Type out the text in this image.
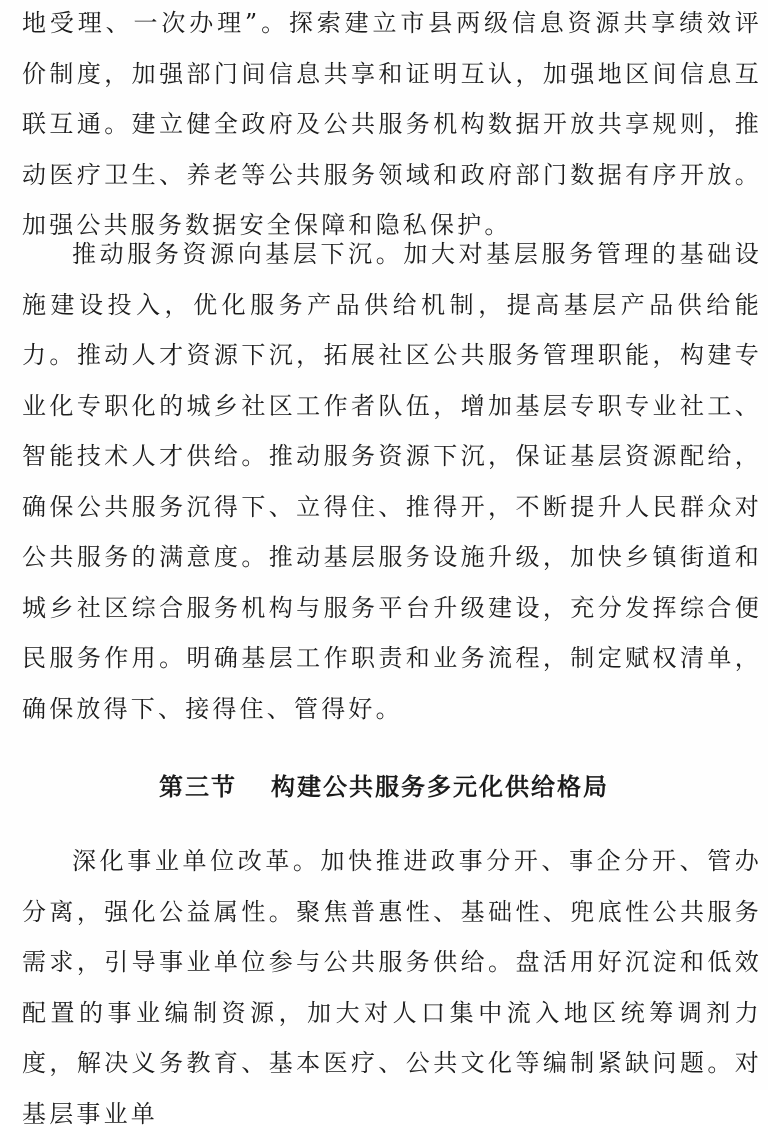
地受理、一次办理”。探索建立市县两级信息资源共享绩效评价制度，加强部门间信息共享和证明互认，加强地区间信息互联互通。建立健全政府及公共服务机构数据开放共享规则，推动医疗卫生、养老等公共服务领域和政府部门数据有序开放。加强公共服务数据安全保障和隐私保护。

推动服务资源向基层下沉。加大对基层服务管理的基础设施建设投入，优化服务产品供给机制，提高基层产品供给能力。推动人才资源下沉，拓展社区公共服务管理职能，构建专业化专职化的城乡社区工作者队伍，增加基层专职专业社工、智能技术人才供给。推动服务资源下沉，保证基层资源配给，确保公共服务沉得下、立得住、推得开，不断提升人民群众对公共服务的满意度。推动基层服务设施升级，加快乡镇街道和城乡社区综合服务机构与服务平台升级建设，充分发挥综合便民服务作用。明确基层工作职责和业务流程，制定赋权清单，确保放得下、接得住、管得好。

第三节 构建公共服务多元化供给格局

深化事业单位改革。加快推进政事分开、事企分开、管办分离，强化公益属性。聚焦普惠性、基础性、兜底性公共服务需求，引导事业单位参与公共服务供给。盘活用好沉淀和低效配置的事业编制资源，加大对人口集中流入地区统筹调剂力度，解决义务教育、基本医疗、公共文化等编制紧缺问题。对基层事业单
